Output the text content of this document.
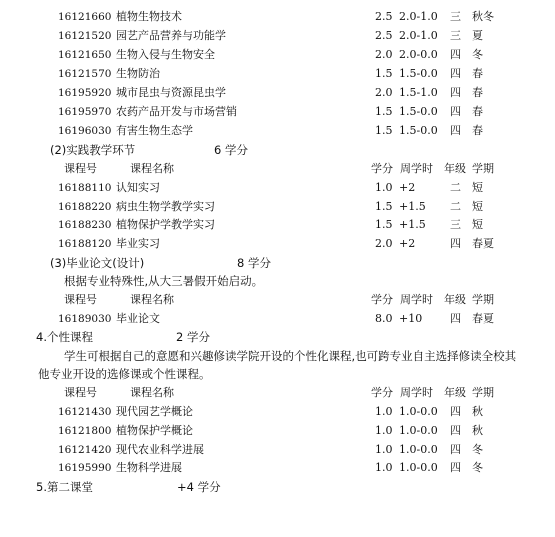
16121660 植物生物技术	2.5 2.0-1.0 三 秋冬
16121520 园艺产品营养与功能学	2.5 2.0-1.0 三 夏
16121650 生物入侵与生物安全	2.0 2.0-0.0 四 冬
16121570 生物防治	1.5 1.5-0.0 四 春
16195920 城市昆虫与资源昆虫学	2.0 1.5-1.0 四 春
16195970 农药产品开发与市场营销	1.5 1.5-0.0 四 春
16196030 有害生物生态学	1.5 1.5-0.0 四 春
(2)实践教学环节	6 学分
课程号	课程名称	学分 周学时 年级 学期
16188110 认知实习	1.0 +2	二 短
16188220 病虫生物学教学实习	1.5 +1.5 二 短
16188230 植物保护学教学实习	1.5 +1.5 三 短
16188120 毕业实习	2.0 +2	四 春夏
(3)毕业论文(设计)	8 学分
根据专业特殊性,从大三暑假开始启动。
课程号	课程名称	学分 周学时 年级 学期
16189030 毕业论文	8.0 +10	四 春夏
4.个性课程	2 学分
学生可根据自己的意愿和兴趣修读学院开设的个性化课程,也可跨专业自主选择修读全校其
他专业开设的选修课或个性课程。
课程号	课程名称	学分 周学时 年级 学期
16121430 现代园艺学概论	1.0 1.0-0.0 四 秋
16121800 植物保护学概论	1.0 1.0-0.0 四 秋
16121420 现代农业科学进展	1.0 1.0-0.0 四 冬
16195990 生物科学进展	1.0 1.0-0.0 四 冬
5.第二课堂	+4 学分
